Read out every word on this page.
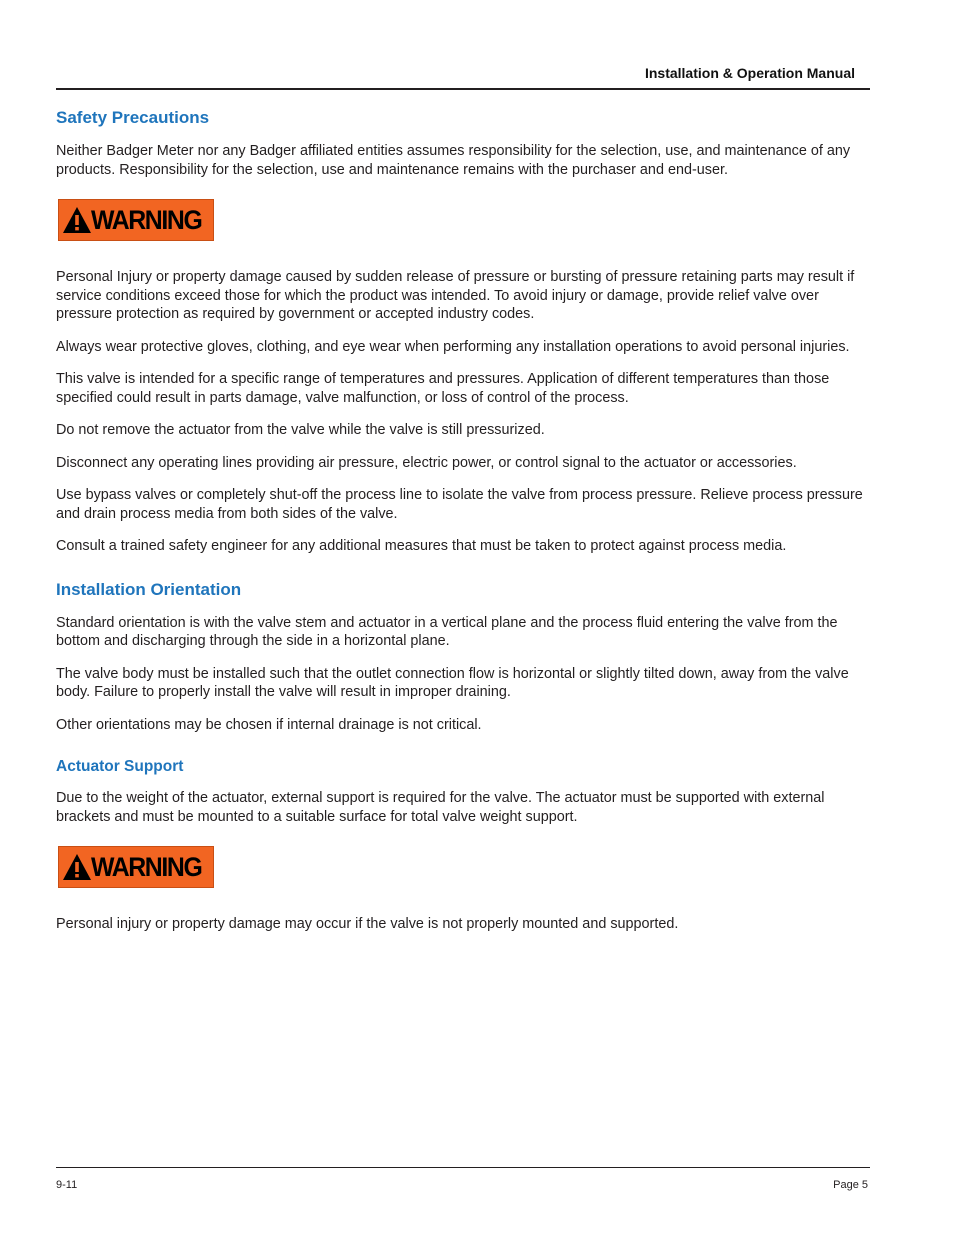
Installation & Operation Manual
Safety Precautions

Neither Badger Meter nor any Badger affiliated entities assumes responsibility for the selection, use, and maintenance of any products. Responsibility for the selection, use and maintenance remains with the purchaser and end-user.

WARNING

Personal Injury or property damage caused by sudden release of pressure or bursting of pressure retaining parts may result if service conditions exceed those for which the product was intended. To avoid injury or damage, provide relief valve over pressure protection as required by government or accepted industry codes.

Always wear protective gloves, clothing, and eye wear when performing any installation operations to avoid personal injuries.

This valve is intended for a specific range of temperatures and pressures. Application of different temperatures than those specified could result in parts damage, valve malfunction, or loss of control of the process.

Do not remove the actuator from the valve while the valve is still pressurized.

Disconnect any operating lines providing air pressure, electric power, or control signal to the actuator or accessories.

Use bypass valves or completely shut-off the process line to isolate the valve from process pressure. Relieve process pressure and drain process media from both sides of the valve.

Consult a trained safety engineer for any additional measures that must be taken to protect against process media.

Installation Orientation

Standard orientation is with the valve stem and actuator in a vertical plane and the process fluid entering the valve from the bottom and discharging through the side in a horizontal plane.

The valve body must be installed such that the outlet connection flow is horizontal or slightly tilted down, away from the valve body. Failure to properly install the valve will result in improper draining.

Other orientations may be chosen if internal drainage is not critical.

Actuator Support

Due to the weight of the actuator, external support is required for the valve. The actuator must be supported with external brackets and must be mounted to a suitable surface for total valve weight support.

WARNING

Personal injury or property damage may occur if the valve is not properly mounted and supported.

9-11	Page 5
